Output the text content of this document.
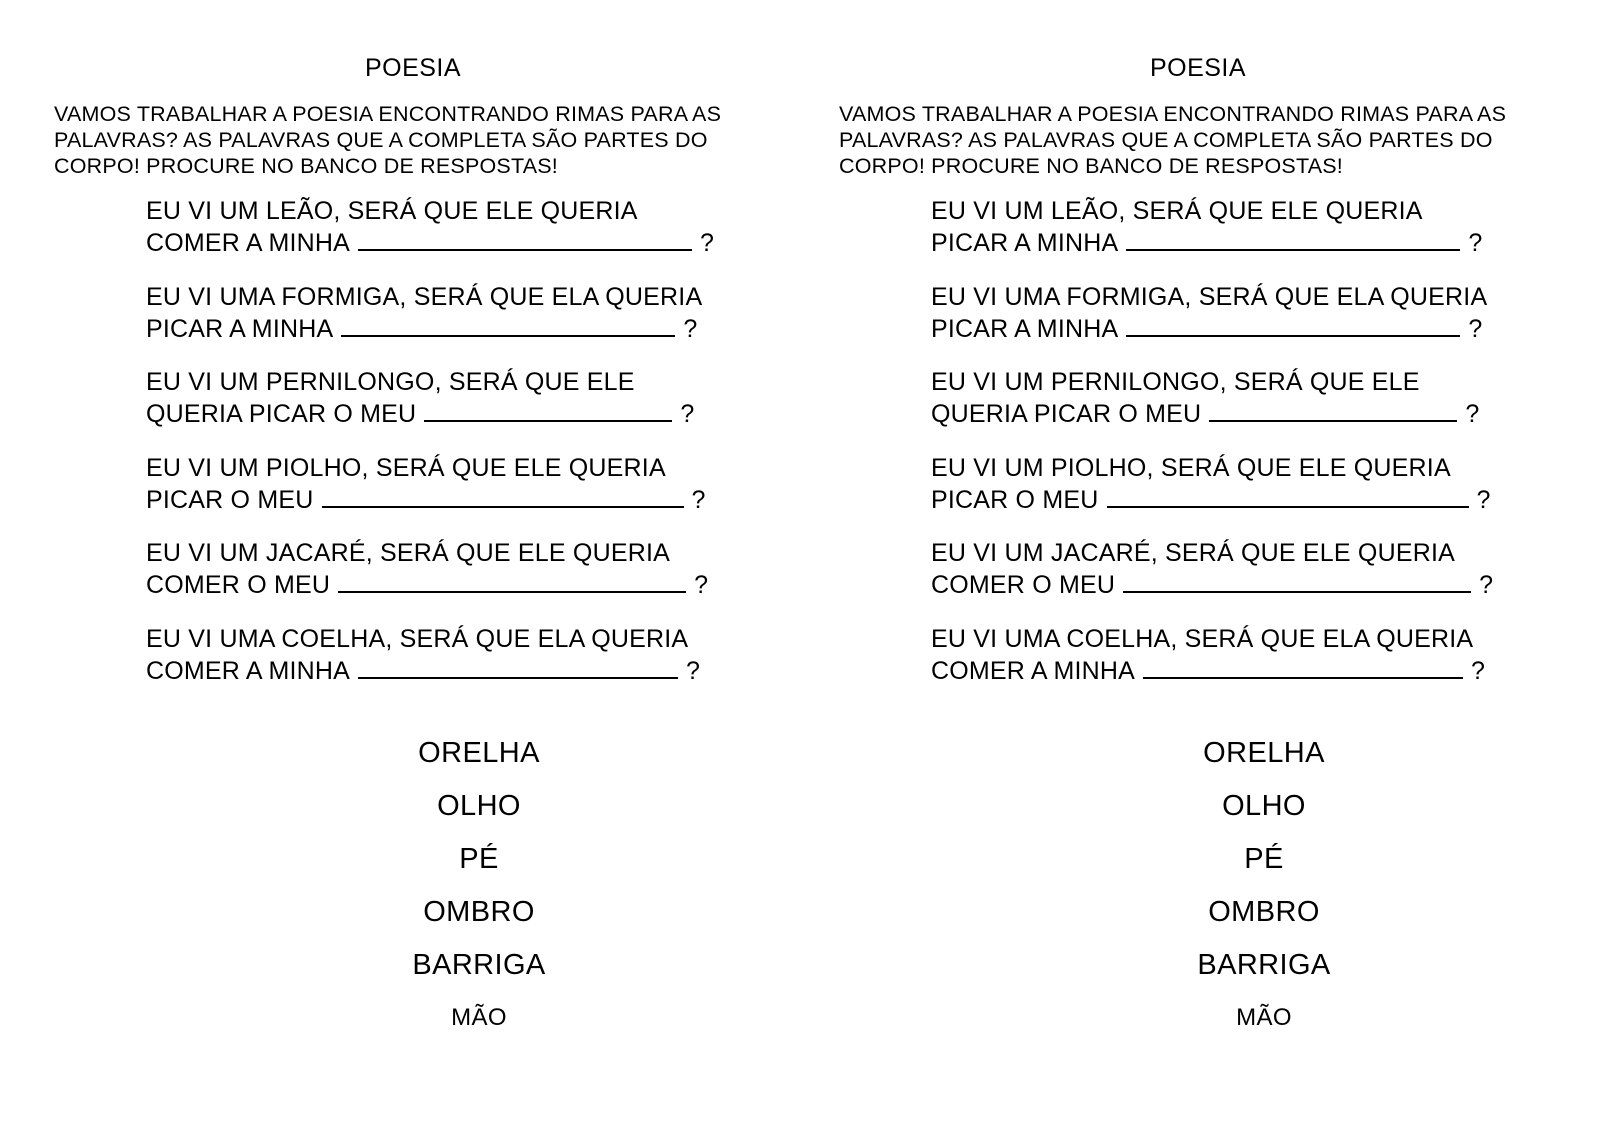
POESIA
VAMOS TRABALHAR A POESIA ENCONTRANDO RIMAS PARA AS
PALAVRAS? AS PALAVRAS QUE A COMPLETA SÃO PARTES DO
CORPO! PROCURE NO BANCO DE RESPOSTAS!
EU VI UM LEÃO, SERÁ QUE ELE QUERIA
COMER A MINHA	?
EU VI UMA FORMIGA, SERÁ QUE ELA QUERIA
PICAR A MINHA	?
EU VI UM PERNILONGO, SERÁ QUE ELE
QUERIA PICAR O MEU	?
EU VI UM PIOLHO, SERÁ QUE ELE QUERIA
PICAR O MEU	?
EU VI UM JACARÉ, SERÁ QUE ELE QUERIA
COMER O MEU	?
EU VI UMA COELHA, SERÁ QUE ELA QUERIA
COMER A MINHA	?
ORELHA
OLHO
PÉ
OMBRO
BARRIGA
MÃO
POESIA
VAMOS TRABALHAR A POESIA ENCONTRANDO RIMAS PARA AS
PALAVRAS? AS PALAVRAS QUE A COMPLETA SÃO PARTES DO
CORPO! PROCURE NO BANCO DE RESPOSTAS!
EU VI UM LEÃO, SERÁ QUE ELE QUERIA
PICAR A MINHA	?
EU VI UMA FORMIGA, SERÁ QUE ELA QUERIA
PICAR A MINHA	?
EU VI UM PERNILONGO, SERÁ QUE ELE
QUERIA PICAR O MEU	?
EU VI UM PIOLHO, SERÁ QUE ELE QUERIA
PICAR O MEU	?
EU VI UM JACARÉ, SERÁ QUE ELE QUERIA
COMER O MEU	?
EU VI UMA COELHA, SERÁ QUE ELA QUERIA
COMER A MINHA	?
ORELHA
OLHO
PÉ
OMBRO
BARRIGA
MÃO
